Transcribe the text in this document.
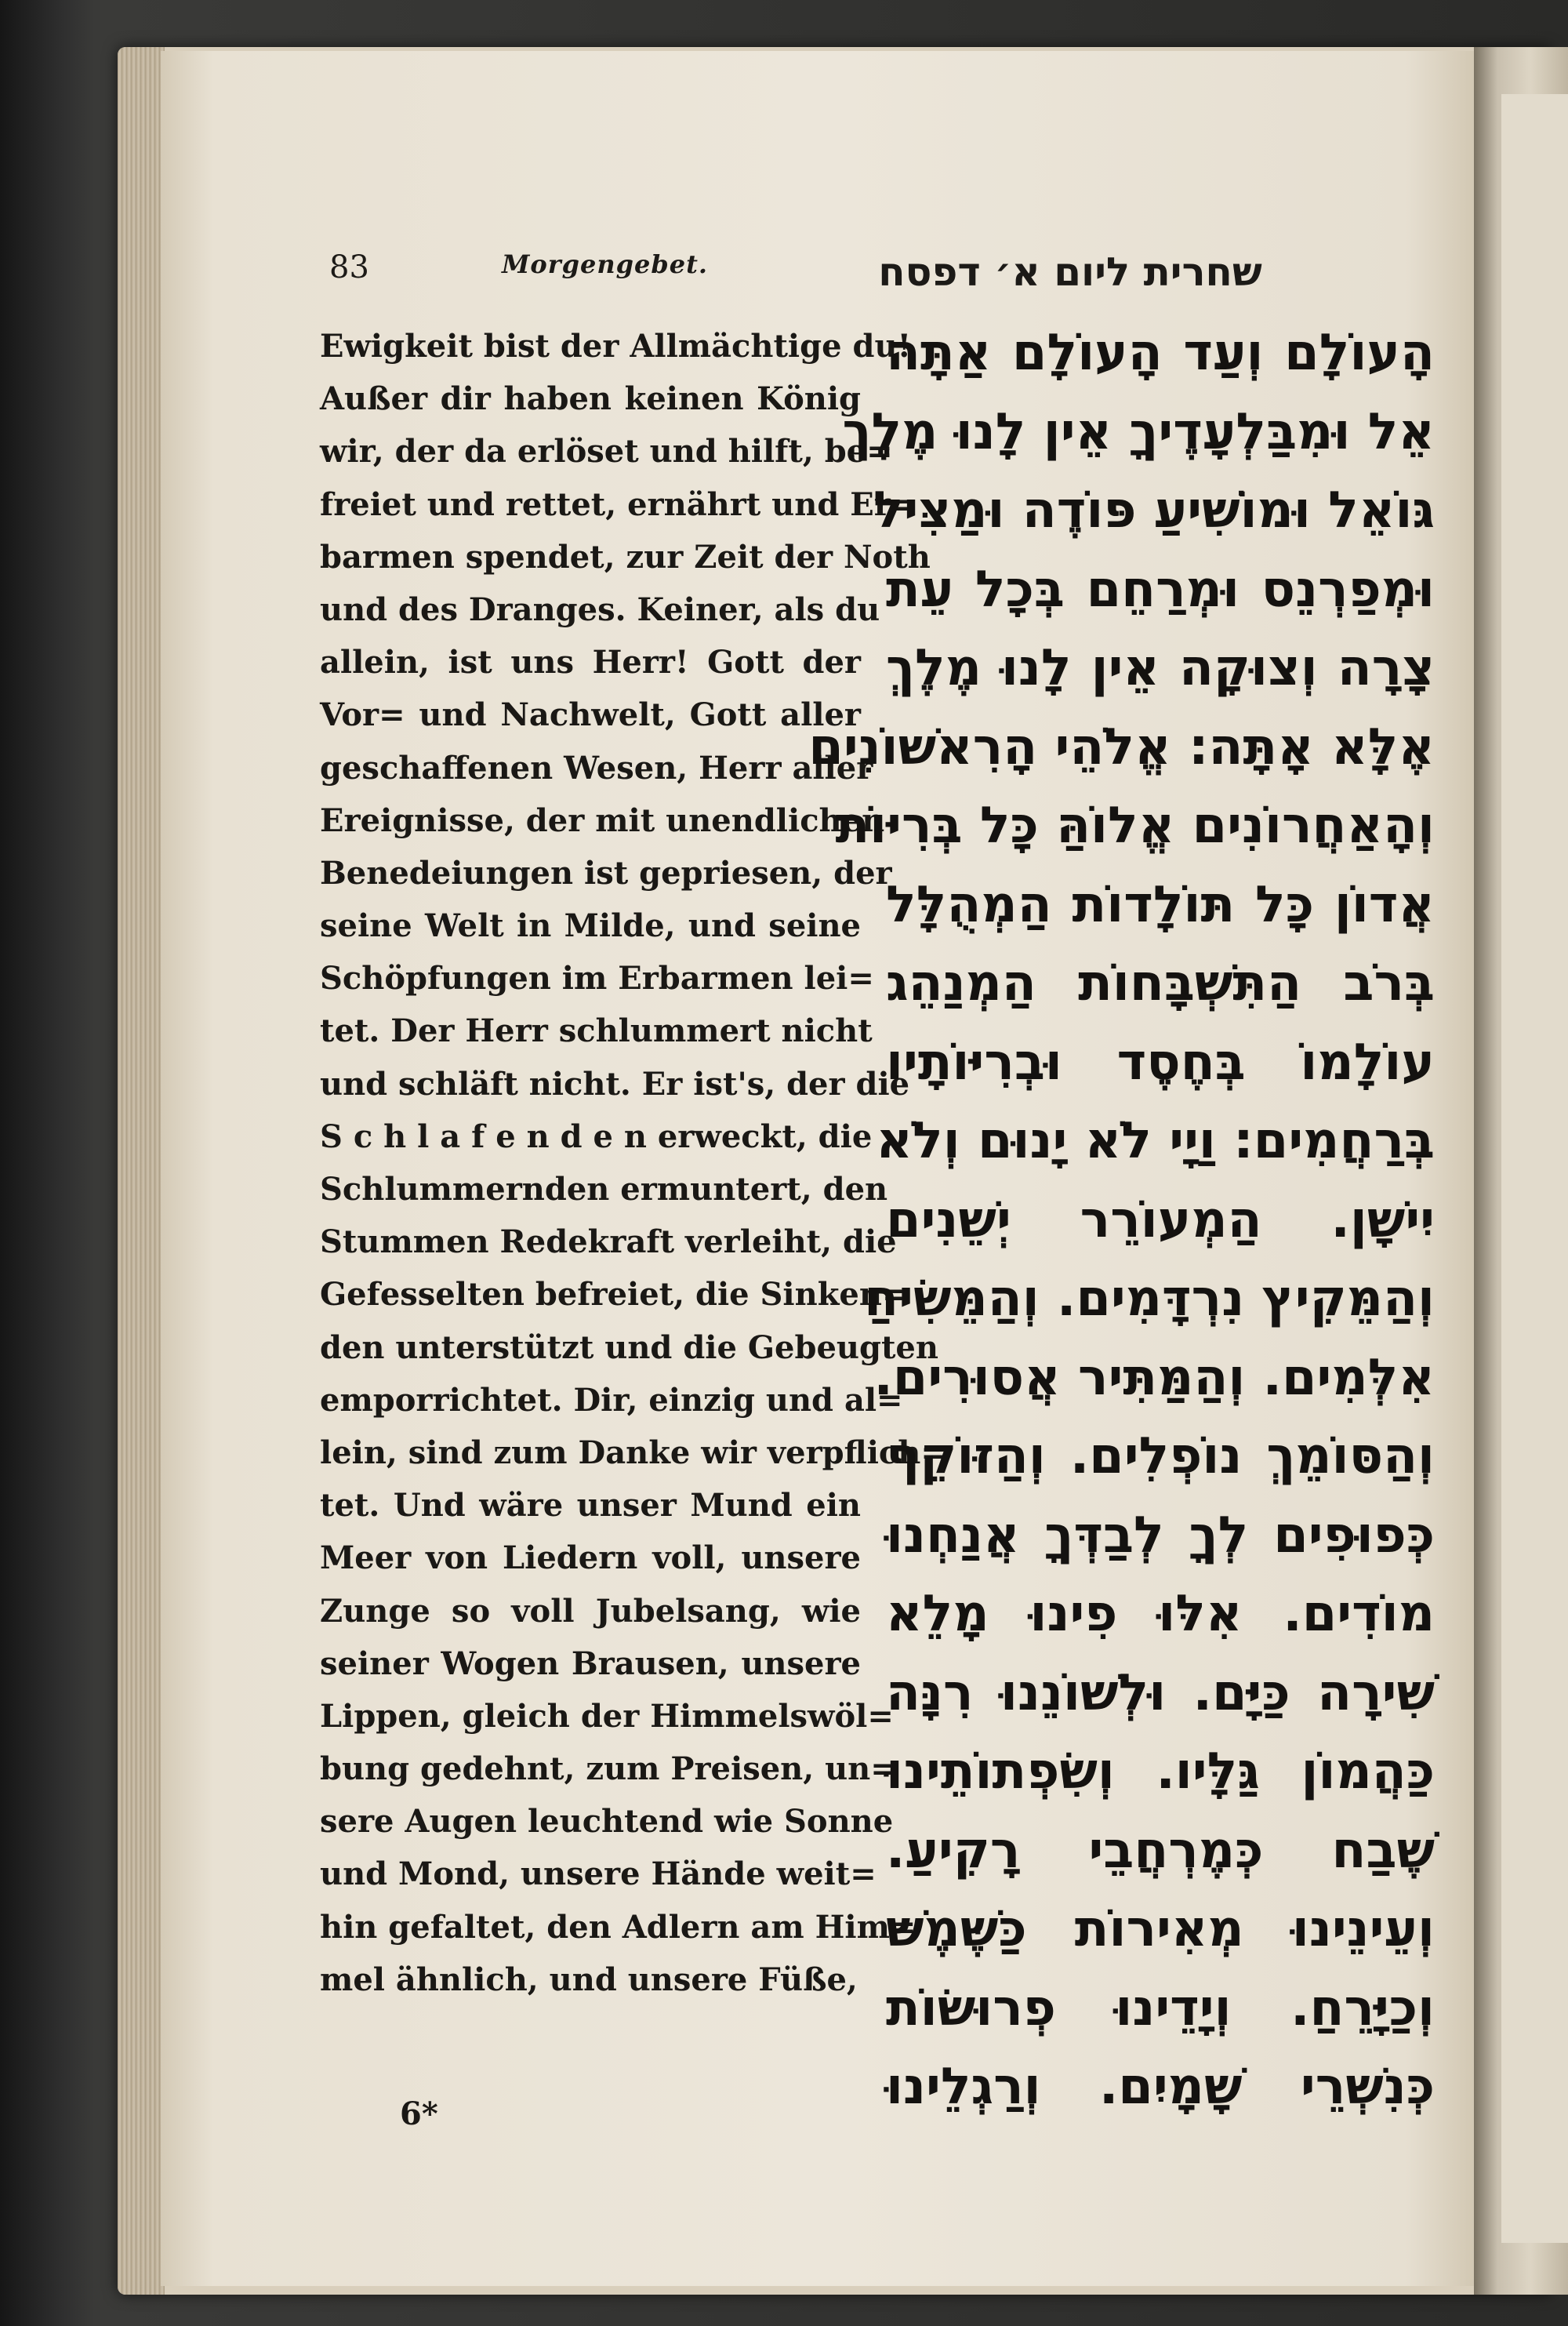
83	Morgengebet.	שחרית ליום א׳ דפסח
Ewigkeit bist der Allmächtige du!
Außer dir haben keinen König
wir, der da erlöset und hilft, be=
freiet und rettet, ernährt und Er=
barmen spendet, zur Zeit der Noth
und des Dranges. Keiner, als du
allein, ist uns Herr! Gott der
Vor= und Nachwelt, Gott aller
geschaffenen Wesen, Herr aller
Ereignisse, der mit unendlichen
Benedeiungen ist gepriesen, der
seine Welt in Milde, und seine
Schöpfungen im Erbarmen lei=
tet. Der Herr schlummert nicht
und schläft nicht. Er ist's, der die
S c h l a f e n d e n erweckt, die
Schlummernden ermuntert, den
Stummen Redekraft verleiht, die
Gefesselten befreiet, die Sinken=
den unterstützt und die Gebeugten
emporrichtet. Dir, einzig und al=
lein, sind zum Danke wir verpflich=
tet. Und wäre unser Mund ein
Meer von Liedern voll, unsere
Zunge so voll Jubelsang, wie
seiner Wogen Brausen, unsere
Lippen, gleich der Himmelswöl=
bung gedehnt, zum Preisen, un=
sere Augen leuchtend wie Sonne
und Mond, unsere Hände weit=
hin gefaltet, den Adlern am Him=
mel ähnlich, und unsere Füße,
הָעוֹלָם וְעַד הָעוֹלָם אַתָּה
אֵל וּמִבַּלְעָדֶיךָ אֵין לָנוּ מֶלֶךְ
גּוֹאֵל וּמוֹשִׁיעַ פּוֹדֶה וּמַצִּיל
וּמְפַרְנֵס וּמְרַחֵם בְּכָל עֵת
צָרָה וְצוּקָה אֵין לָנוּ מֶלֶךְ
אֶלָּא אָתָּה: אֱלֹהֵי הָרִאשׁוֹנִים
וְהָאַחֲרוֹנִים אֱלוֹהַּ כָּל בְּרִיּוֹת
אֲדוֹן כָּל תּוֹלָדוֹת הַמְהֻלָּל
בְּרֹב הַתִּשְׁבָּחוֹת הַמְנַהֵג
עוֹלָמוֹ בְּחֶסֶד וּבְרִיּוֹתָיו
בְּרַחֲמִים: וַיָי לֹא יָנוּם וְלֹא
יִישָׁן. הַמְעוֹרֵר יְשֵׁנִים
וְהַמֵּקִיץ נִרְדָּמִים. וְהַמֵּשִׂיחַ
אִלְּמִים. וְהַמַּתִּיר אֲסוּרִים.
וְהַסּוֹמֵךְ נוֹפְלִים. וְהַזּוֹקֵף
כְּפוּפִים לְךָ לְבַדְּךָ אֲנַחְנוּ
מוֹדִים. אִלּוּ פִינוּ מָלֵא
שִׁירָה כַּיָּם. וּלְשׁוֹנֵנוּ רִנָּה
כַּהֲמוֹן גַּלָּיו. וְשִׂפְתוֹתֵינוּ
שֶׁבַח כְּמֶרְחֲבֵי רָקִיעַ.
וְעֵינֵינוּ מְאִירוֹת כַּשֶּׁמֶשׁ
וְכַיָּרֵחַ. וְיָדֵינוּ פְרוּשׂוֹת
כְּנִשְׁרֵי שָׁמָיִם. וְרַגְלֵינוּ
6*
